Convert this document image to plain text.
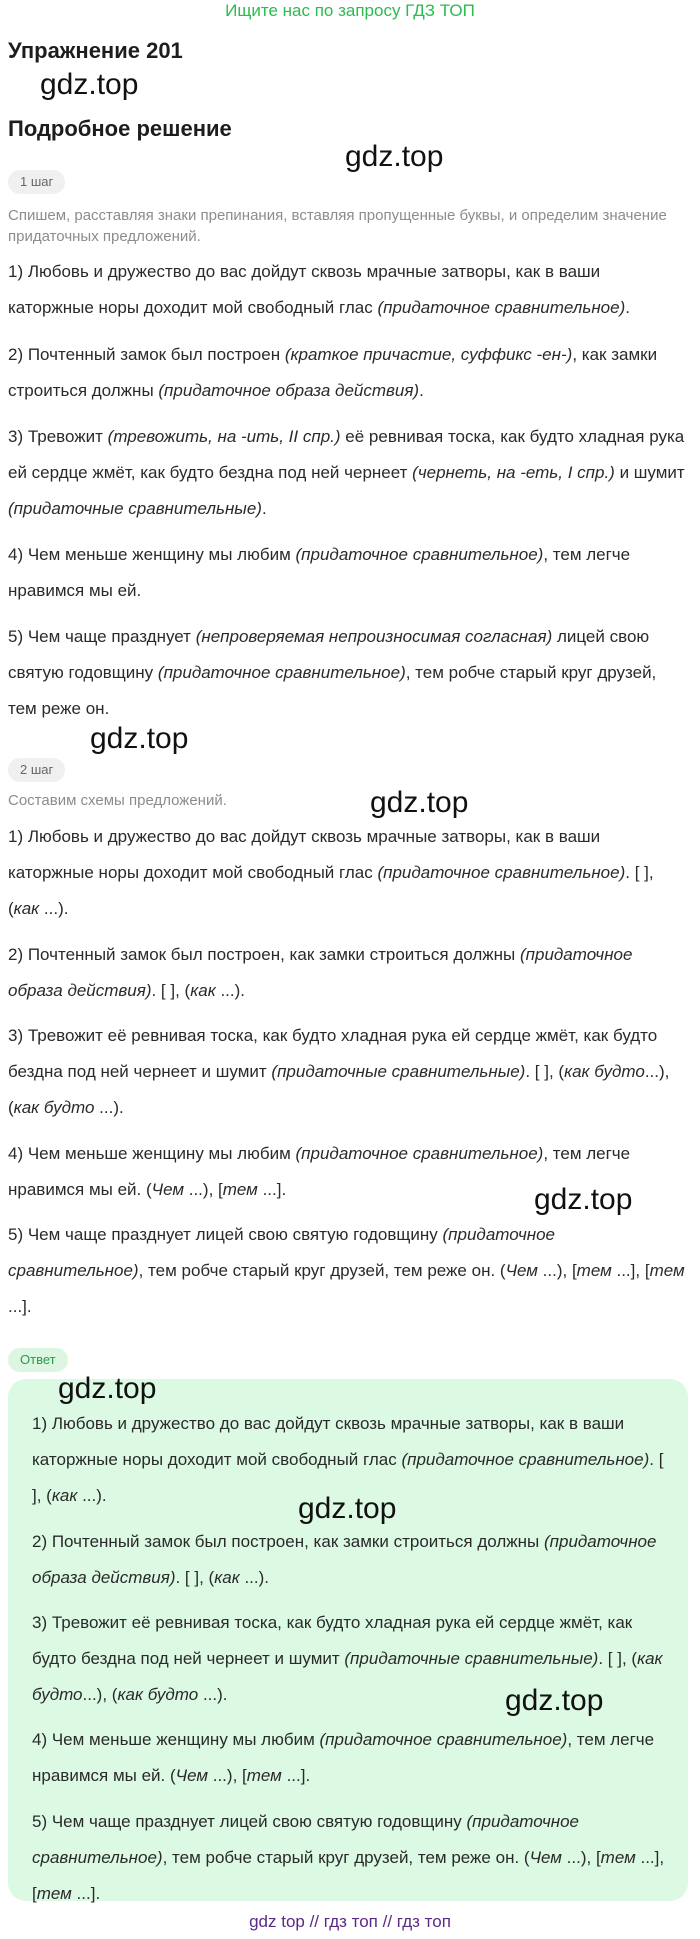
Ищите нас по запросу ГДЗ ТОП
Упражнение 201
gdz.top
Подробное решение
gdz.top
1 шаг

Спишем, расставляя знаки препинания, вставляя пропущенные буквы, и определим значение придаточных предложений.

1) Любовь и дружество до вас дойдут сквозь мрачные затворы, как в ваши каторжные норы доходит мой свободный глас (придаточное сравнительное).

2) Почтенный замок был построен (краткое причастие, суффикс -ен-), как замки строиться должны (придаточное образа действия).

3) Тревожит (тревожить, на -ить, II спр.) её ревнивая тоска, как будто хладная рука ей сердце жмёт, как будто бездна под ней чернеет (чернеть, на -еть, I спр.) и шумит (придаточные сравнительные).

4) Чем меньше женщину мы любим (придаточное сравнительное), тем легче нравимся мы ей.

5) Чем чаще празднует (непроверяемая непроизносимая согласная) лицей свою святую годовщину (придаточное сравнительное), тем робче старый круг друзей, тем реже он.

gdz.top
2 шаг

Составим схемы предложений.	gdz.top

1) Любовь и дружество до вас дойдут сквозь мрачные затворы, как в ваши каторжные норы доходит мой свободный глас (придаточное сравнительное). [ ], (как ...).

2) Почтенный замок был построен, как замки строиться должны (придаточное образа действия). [ ], (как ...).

3) Тревожит её ревнивая тоска, как будто хладная рука ей сердце жмёт, как будто бездна под ней чернеет и шумит (придаточные сравнительные). [ ], (как будто...), (как будто ...).

4) Чем меньше женщину мы любим (придаточное сравнительное), тем легче нравимся мы ей. (Чем ...), [тем ...].	gdz.top

5) Чем чаще празднует лицей свою святую годовщину (придаточное сравнительное), тем робче старый круг друзей, тем реже он. (Чем ...), [тем ...], [тем ...].

Ответ
gdz.top

1) Любовь и дружество до вас дойдут сквозь мрачные затворы, как в ваши каторжные норы доходит мой свободный глас (придаточное сравнительное). [ ], (как ...).	gdz.top

2) Почтенный замок был построен, как замки строиться должны (придаточное образа действия). [ ], (как ...).

3) Тревожит её ревнивая тоска, как будто хладная рука ей сердце жмёт, как будто бездна под ней чернеет и шумит (придаточные сравнительные). [ ], (как будто...), (как будто ...).	gdz.top

4) Чем меньше женщину мы любим (придаточное сравнительное), тем легче нравимся мы ей. (Чем ...), [тем ...].

5) Чем чаще празднует лицей свою святую годовщину (придаточное сравнительное), тем робче старый круг друзей, тем реже он. (Чем ...), [тем ...], [тем ...].

gdz top // гдз топ // гдз топ
